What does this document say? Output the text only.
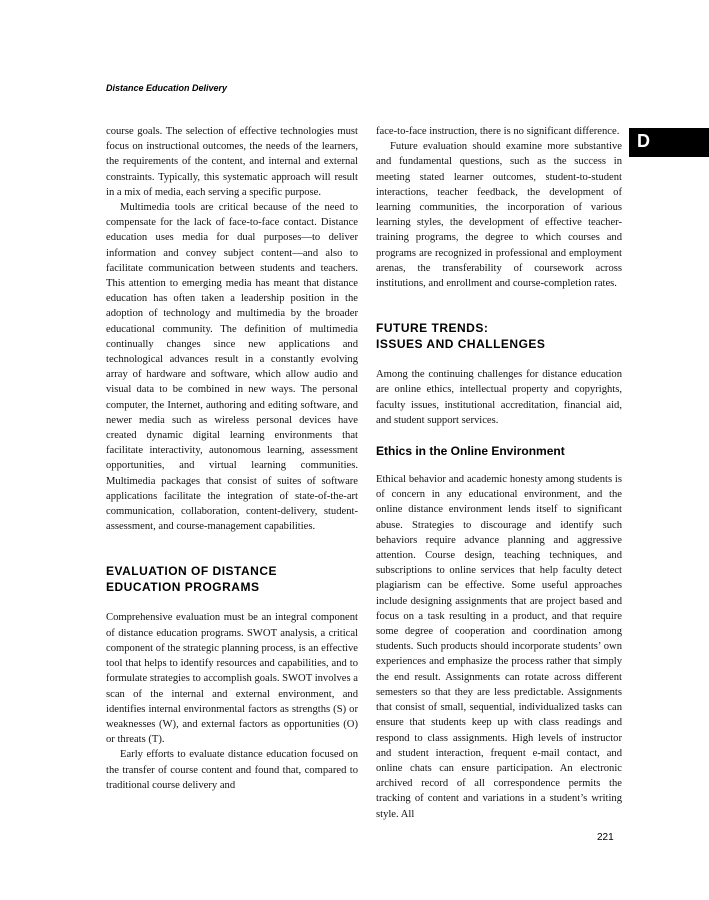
Distance Education Delivery
D

course goals. The selection of effective technologies must focus on instructional outcomes, the needs of the learners, the requirements of the content, and internal and external constraints. Typically, this systematic approach will result in a mix of media, each serving a specific purpose.

Multimedia tools are critical because of the need to compensate for the lack of face-to-face contact. Distance education uses media for dual purposes—to deliver information and convey subject content—and also to facilitate communication between students and teachers. This attention to emerging media has meant that distance education has often taken a leadership position in the adoption of technology and multimedia by the broader educational community. The definition of multimedia continually changes since new applications and technological advances result in a constantly evolving array of hardware and software, which allow audio and visual data to be combined in new ways. The personal computer, the Internet, authoring and editing software, and newer media such as wireless personal devices have created dynamic digital learning environments that facilitate interactivity, autonomous learning, assessment opportunities, and virtual learning communities. Multimedia packages that consist of suites of software applications facilitate the integration of state-of-the-art communication, collaboration, content-delivery, student-assessment, and course-management capabilities.

EVALUATION OF DISTANCE
EDUCATION PROGRAMS

Comprehensive evaluation must be an integral component of distance education programs. SWOT analysis, a critical component of the strategic planning process, is an effective tool that helps to identify resources and capabilities, and to formulate strategies to accomplish goals. SWOT involves a scan of the internal and external environment, and identifies internal environmental factors as strengths (S) or weaknesses (W), and external factors as opportunities (O) or threats (T).

Early efforts to evaluate distance education focused on the transfer of course content and found that, compared to traditional course delivery and

face-to-face instruction, there is no significant difference.

Future evaluation should examine more substantive and fundamental questions, such as the success in meeting stated learner outcomes, student-to-student interactions, teacher feedback, the development of learning communities, the incorporation of various learning styles, the development of effective teacher-training programs, the degree to which courses and programs are recognized in professional and employment arenas, the transferability of coursework across institutions, and enrollment and course-completion rates.

FUTURE TRENDS:
ISSUES AND CHALLENGES

Among the continuing challenges for distance education are online ethics, intellectual property and copyrights, faculty issues, institutional accreditation, financial aid, and student support services.

Ethics in the Online Environment

Ethical behavior and academic honesty among students is of concern in any educational environment, and the online distance environment lends itself to significant abuse. Strategies to discourage and identify such behaviors require advance planning and aggressive attention. Course design, teaching techniques, and subscriptions to online services that help faculty detect plagiarism can be effective. Some useful approaches include designing assignments that are project based and focus on a task resulting in a product, and that require some degree of cooperation and coordination among students. Such products should incorporate students’ own experiences and emphasize the process rather that simply the end result. Assignments can rotate across different semesters so that they are less predictable. Assignments that consist of small, sequential, individualized tasks can ensure that students keep up with class readings and respond to class assignments. High levels of instructor and student interaction, frequent e-mail contact, and online chats can ensure participation. An electronic archived record of all correspondence permits the tracking of content and variations in a student’s writing style. All

221
